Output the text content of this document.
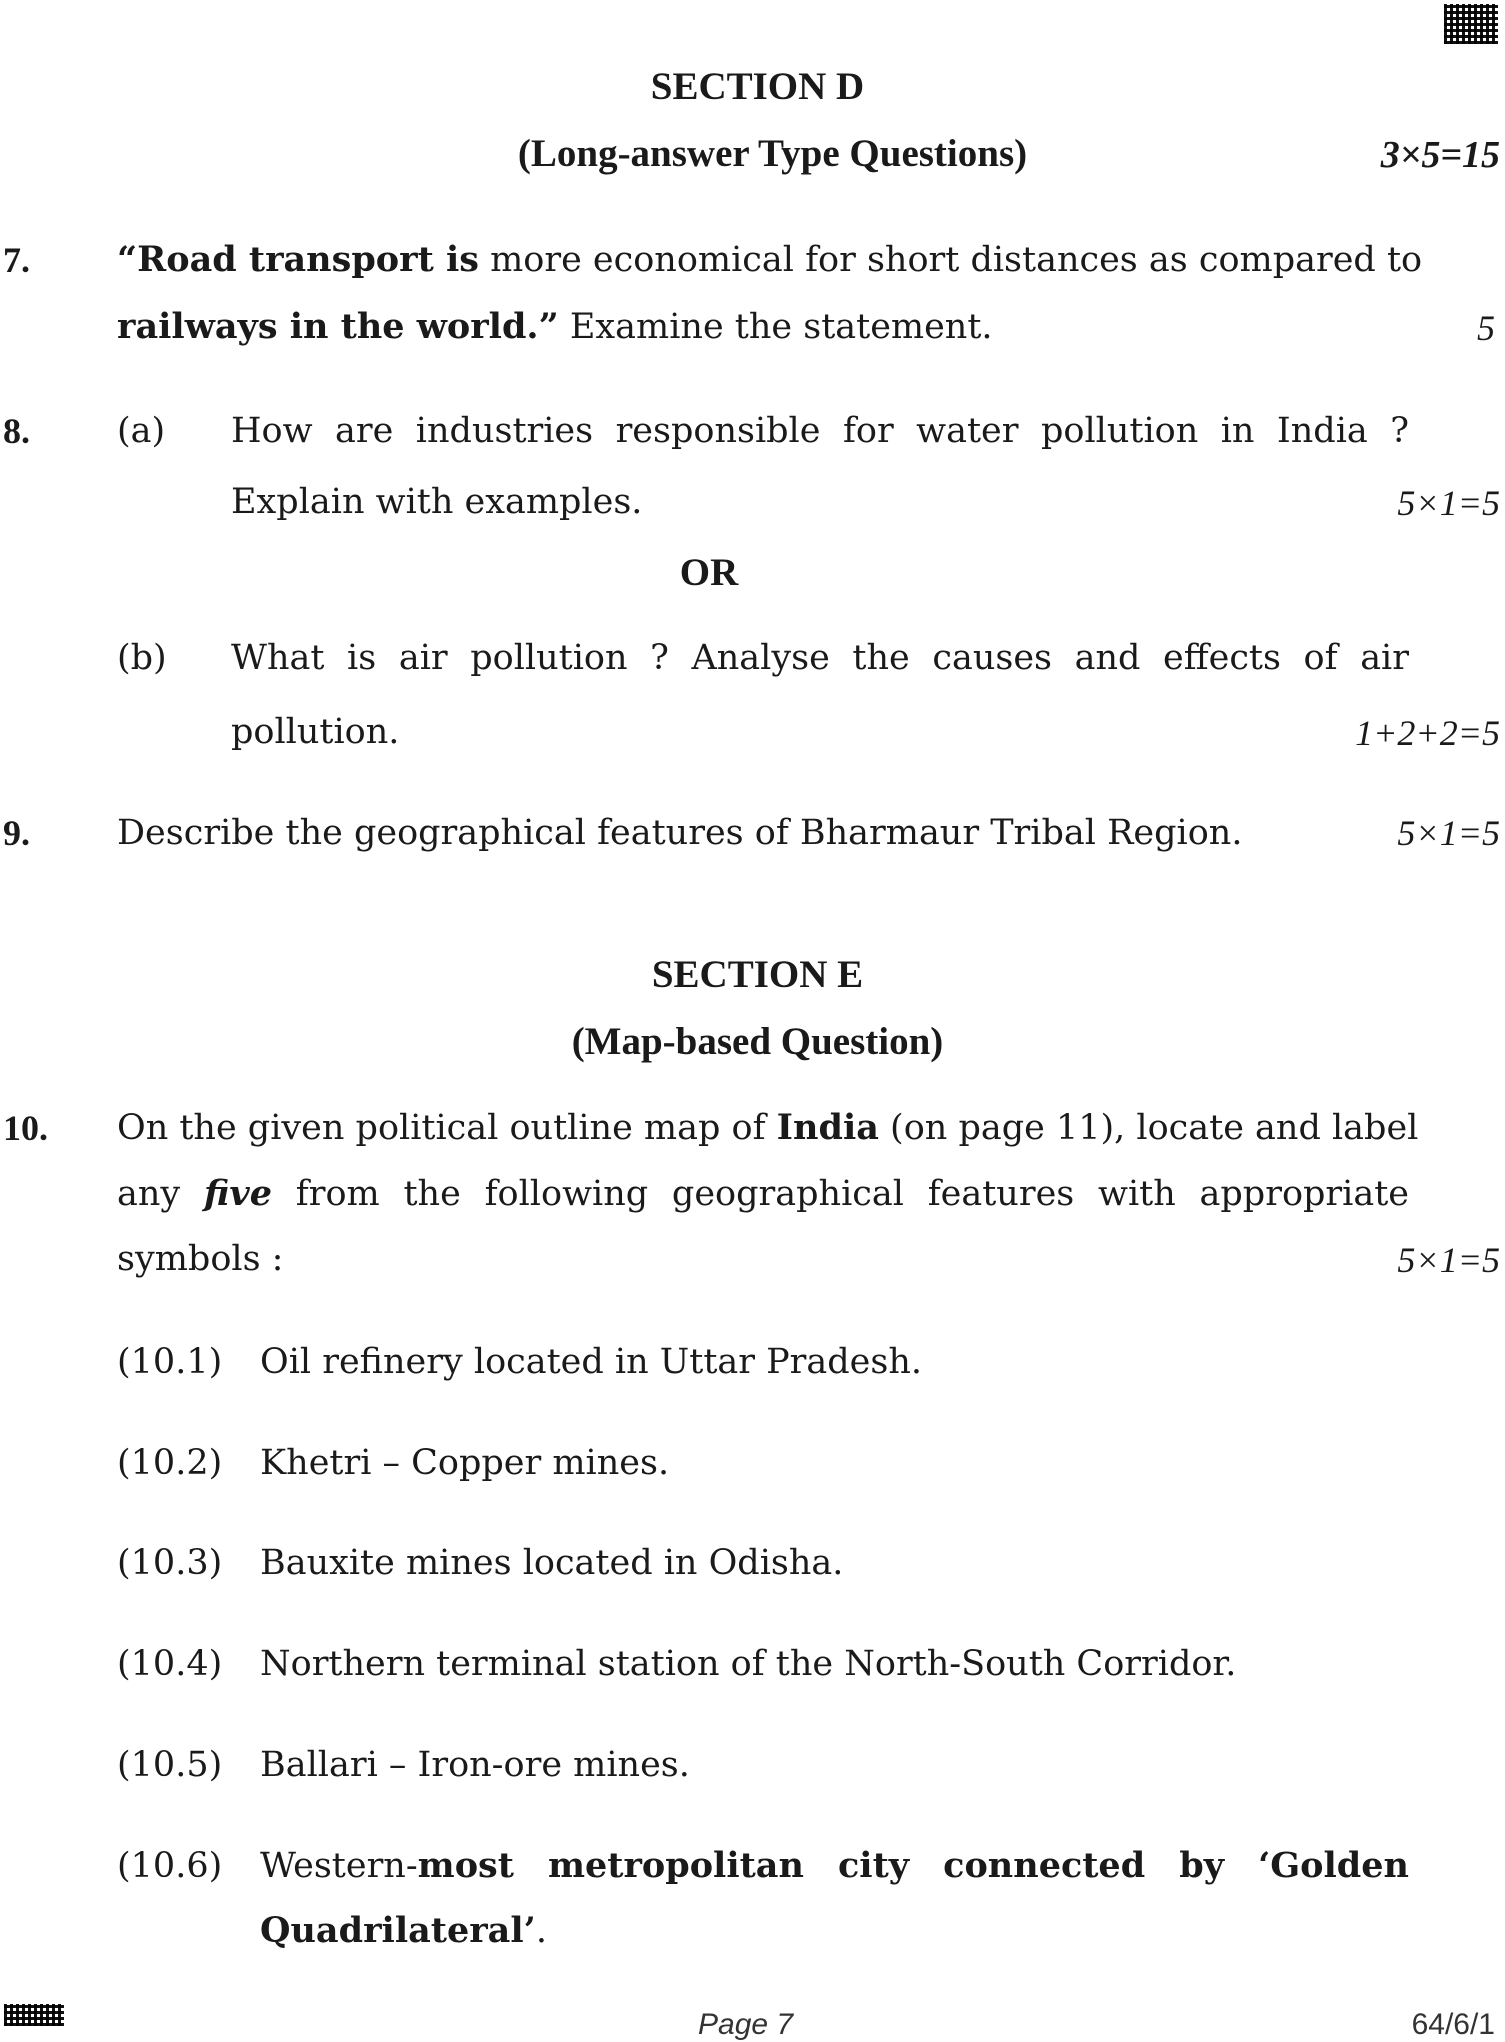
SECTION D
(Long-answer Type Questions)	3×5=15
7. “Road transport is more economical for short distances as compared to
railways in the world.” Examine the statement.	5
8. (a) How are industries responsible for water pollution in India ?
Explain with examples.	5×1=5
OR
(b) What is air pollution ? Analyse the causes and effects of air
pollution.	1+2+2=5
9. Describe the geographical features of Bharmaur Tribal Region.	5×1=5
SECTION E
(Map-based Question)
10. On the given political outline map of India (on page 11), locate and label
any five from the following geographical features with appropriate
symbols :	5×1=5
(10.1) Oil refinery located in Uttar Pradesh.
(10.2) Khetri – Copper mines.
(10.3) Bauxite mines located in Odisha.
(10.4) Northern terminal station of the North-South Corridor.
(10.5) Ballari – Iron-ore mines.
(10.6) Western-most metropolitan city connected by ‘Golden
Quadrilateral’.
Page 7	64/6/1
